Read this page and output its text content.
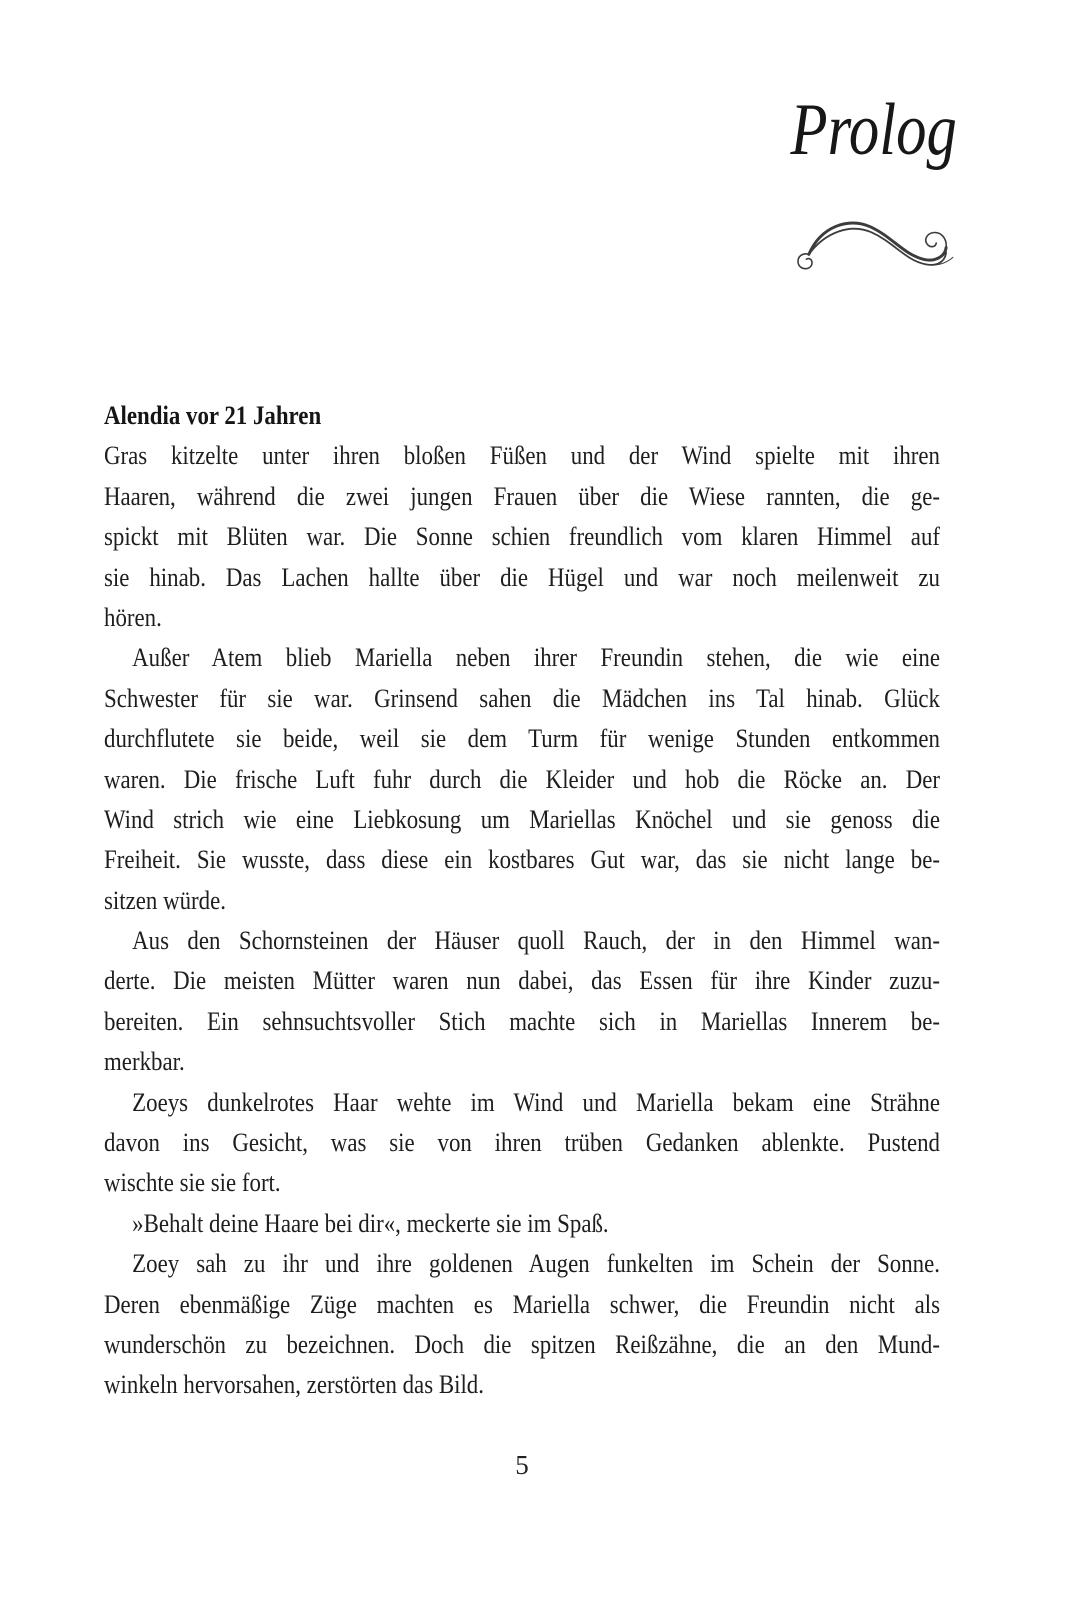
Prolog
Alendia vor 21 Jahren
Gras kitzelte unter ihren bloßen Füßen und der Wind spielte mit ihren
Haaren, während die zwei jungen Frauen über die Wiese rannten, die ge-
spickt mit Blüten war. Die Sonne schien freundlich vom klaren Himmel auf
sie hinab. Das Lachen hallte über die Hügel und war noch meilenweit zu
hören.
Außer Atem blieb Mariella neben ihrer Freundin stehen, die wie eine
Schwester für sie war. Grinsend sahen die Mädchen ins Tal hinab. Glück
durchflutete sie beide, weil sie dem Turm für wenige Stunden entkommen
waren. Die frische Luft fuhr durch die Kleider und hob die Röcke an. Der
Wind strich wie eine Liebkosung um Mariellas Knöchel und sie genoss die
Freiheit. Sie wusste, dass diese ein kostbares Gut war, das sie nicht lange be-
sitzen würde.
Aus den Schornsteinen der Häuser quoll Rauch, der in den Himmel wan-
derte. Die meisten Mütter waren nun dabei, das Essen für ihre Kinder zuzu-
bereiten. Ein sehnsuchtsvoller Stich machte sich in Mariellas Innerem be-
merkbar.
Zoeys dunkelrotes Haar wehte im Wind und Mariella bekam eine Strähne
davon ins Gesicht, was sie von ihren trüben Gedanken ablenkte. Pustend
wischte sie sie fort.
»Behalt deine Haare bei dir«, meckerte sie im Spaß.
Zoey sah zu ihr und ihre goldenen Augen funkelten im Schein der Sonne.
Deren ebenmäßige Züge machten es Mariella schwer, die Freundin nicht als
wunderschön zu bezeichnen. Doch die spitzen Reißzähne, die an den Mund-
winkeln hervorsahen, zerstörten das Bild.
5
